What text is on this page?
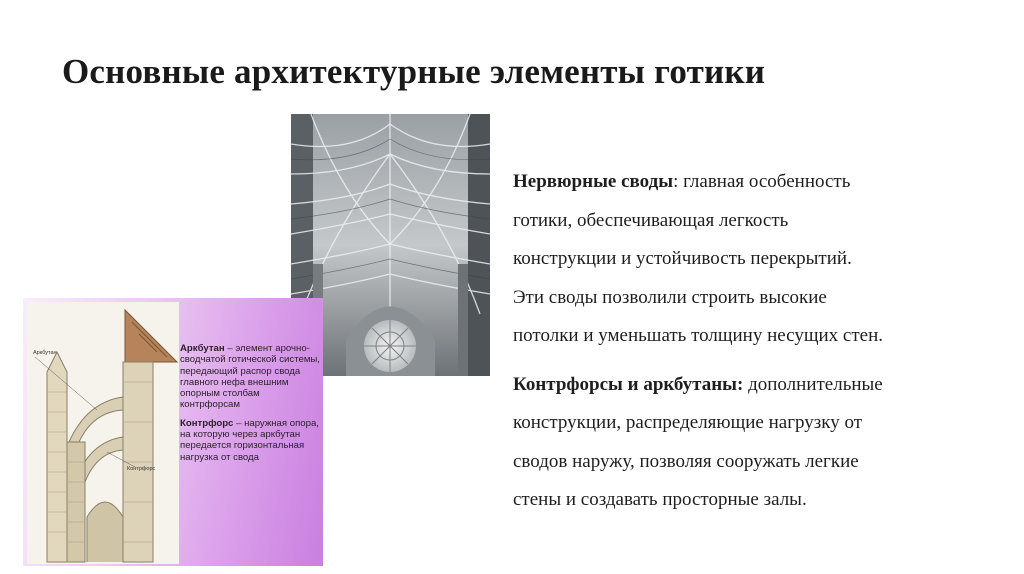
Основные архитектурные элементы готики
Аркбутан
Контрфорс

Аркбутан – элемент арочно-сводчатой готической системы, передающий распор свода главного нефа внешним опорным столбам контрфорсам

Контрфорс – наружная опора, на которую через аркбутан передается горизонтальная нагрузка от свода

Нервюрные своды: главная особенность
готики, обеспечивающая легкость
конструкции и устойчивость перекрытий.
Эти своды позволили строить высокие
потолки и уменьшать толщину несущих стен.

Контрфорсы и аркбутаны: дополнительные
конструкции, распределяющие нагрузку от
сводов наружу, позволяя сооружать легкие
стены и создавать просторные залы.
